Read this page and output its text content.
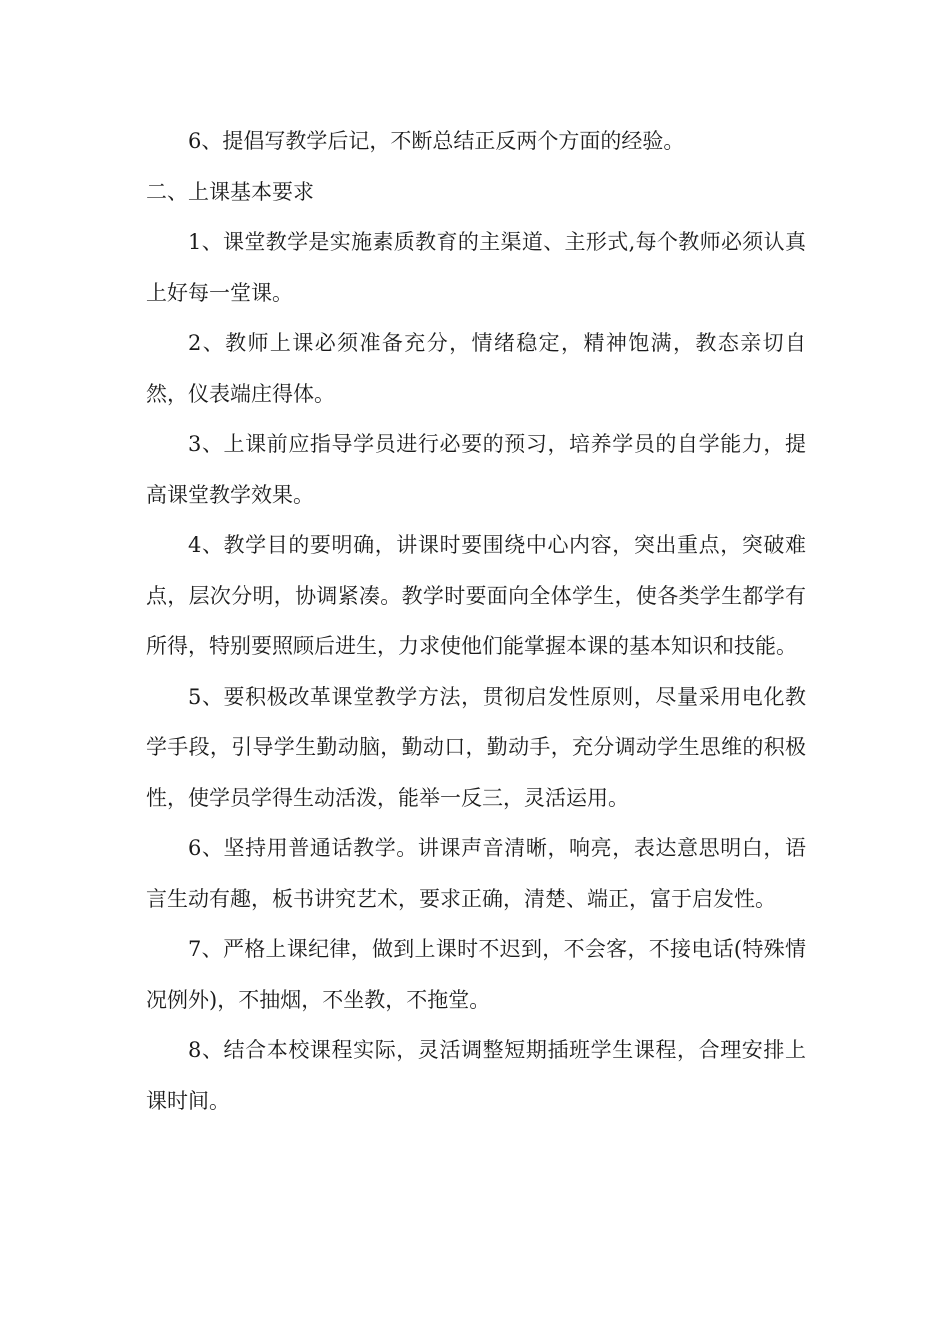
6、提倡写教学后记，不断总结正反两个方面的经验。

二、上课基本要求

1、课堂教学是实施素质教育的主渠道、主形式,每个教师必须认真上好每一堂课。

2、教师上课必须准备充分，情绪稳定，精神饱满，教态亲切自然，仪表端庄得体。

3、上课前应指导学员进行必要的预习，培养学员的自学能力，提高课堂教学效果。

4、教学目的要明确，讲课时要围绕中心内容，突出重点，突破难点，层次分明，协调紧凑。教学时要面向全体学生，使各类学生都学有所得，特别要照顾后进生，力求使他们能掌握本课的基本知识和技能。

5、要积极改革课堂教学方法，贯彻启发性原则，尽量采用电化教学手段，引导学生勤动脑，勤动口，勤动手，充分调动学生思维的积极性，使学员学得生动活泼，能举一反三，灵活运用。

6、坚持用普通话教学。讲课声音清晰，响亮，表达意思明白，语言生动有趣，板书讲究艺术，要求正确，清楚、端正，富于启发性。

7、严格上课纪律，做到上课时不迟到，不会客，不接电话(特殊情况例外)，不抽烟，不坐教，不拖堂。

8、结合本校课程实际，灵活调整短期插班学生课程，合理安排上课时间。
